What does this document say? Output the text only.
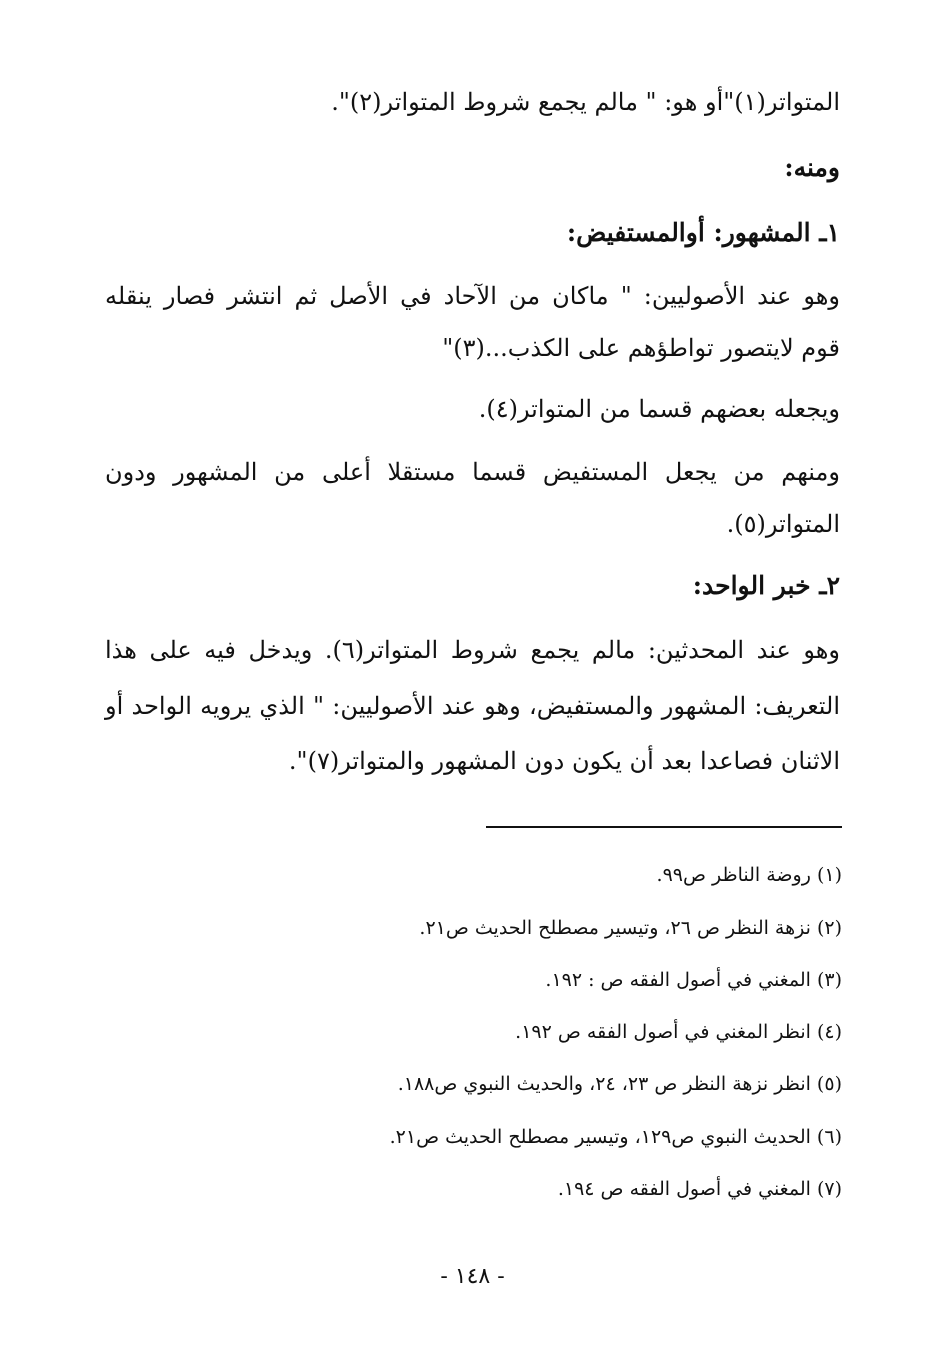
المتواتر(١)"أو هو: " مالم يجمع شروط المتواتر(٢)".
ومنه:
١ـ المشهور: أوالمستفيض:
وهو عند الأصوليين: " ماكان من الآحاد في الأصل ثم انتشر فصار ينقله
قوم لايتصور تواطؤهم على الكذب...(٣)"
ويجعله بعضهم قسما من المتواتر(٤).
ومنهم من يجعل المستفيض قسما مستقلا أعلى من المشهور ودون
المتواتر(٥).
٢ـ خبر الواحد:
وهو عند المحدثين: مالم يجمع شروط المتواتر(٦). ويدخل فيه على هذا
التعريف: المشهور والمستفيض، وهو عند الأصوليين: " الذي يرويه الواحد أو
الاثنان فصاعدا بعد أن يكون دون المشهور والمتواتر(٧)".
(١) روضة الناظر ص٩٩.
(٢) نزهة النظر ص ٢٦، وتيسير مصطلح الحديث ص٢١.
(٣) المغني في أصول الفقه ص : ١٩٢.
(٤) انظر المغني في أصول الفقه ص ١٩٢.
(٥) انظر نزهة النظر ص ٢٣، ٢٤، والحديث النبوي ص١٨٨.
(٦) الحديث النبوي ص١٢٩، وتيسير مصطلح الحديث ص٢١.
(٧) المغني في أصول الفقه ص ١٩٤.
- ١٤٨ -
